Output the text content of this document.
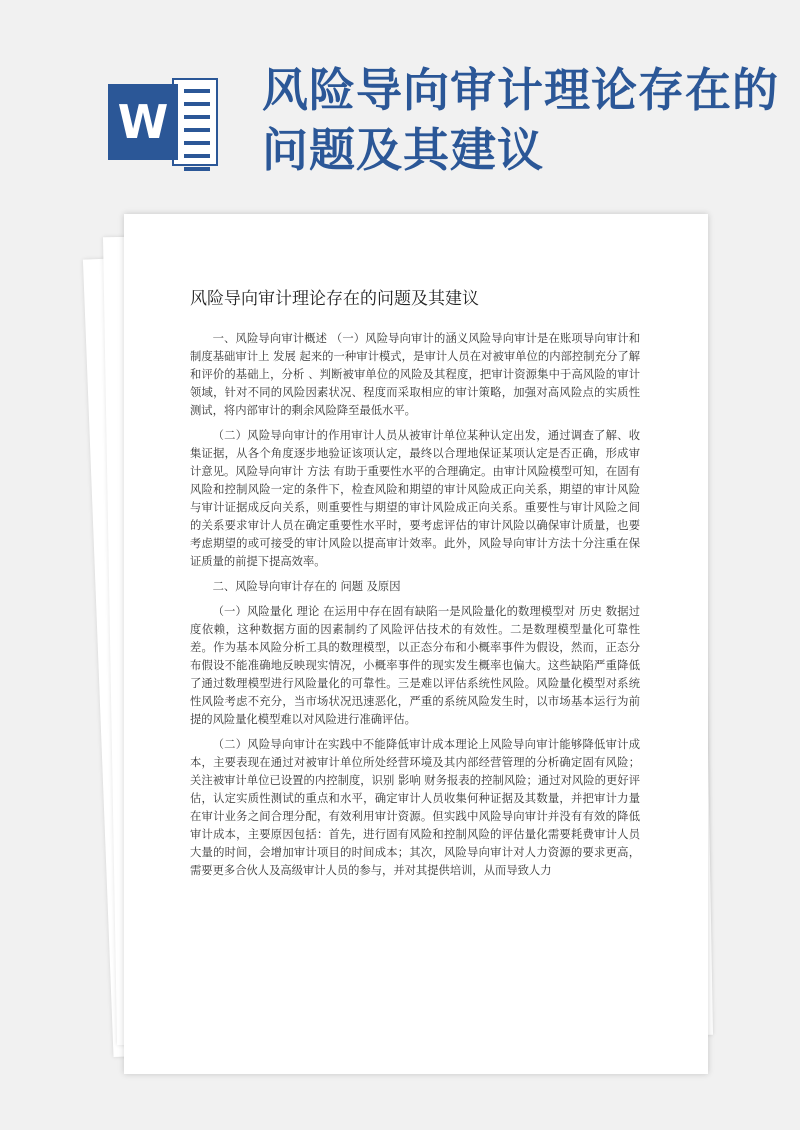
W
风险导向审计理论存在的问题及其建议
风险导向审计理论存在的问题及其建议

一、风险导向审计概述 （一）风险导向审计的涵义风险导向审计是在账项导向审计和制度基础审计上 发展 起来的一种审计模式，是审计人员在对被审单位的内部控制充分了解和评价的基础上，分析 、判断被审单位的风险及其程度，把审计资源集中于高风险的审计领域，针对不同的风险因素状况、程度而采取相应的审计策略，加强对高风险点的实质性测试，将内部审计的剩余风险降至最低水平。

（二）风险导向审计的作用审计人员从被审计单位某种认定出发，通过调查了解、收集证据，从各个角度逐步地验证该项认定，最终以合理地保证某项认定是否正确，形成审计意见。风险导向审计 方法 有助于重要性水平的合理确定。由审计风险模型可知，在固有风险和控制风险一定的条件下，检查风险和期望的审计风险成正向关系，期望的审计风险与审计证据成反向关系，则重要性与期望的审计风险成正向关系。重要性与审计风险之间的关系要求审计人员在确定重要性水平时，要考虑评估的审计风险以确保审计质量，也要考虑期望的或可接受的审计风险以提高审计效率。此外，风险导向审计方法十分注重在保证质量的前提下提高效率。

二、风险导向审计存在的 问题 及原因

（一）风险量化 理论 在运用中存在固有缺陷一是风险量化的数理模型对 历史 数据过度依赖，这种数据方面的因素制约了风险评估技术的有效性。二是数理模型量化可靠性差。作为基本风险分析工具的数理模型，以正态分布和小概率事件为假设，然而，正态分布假设不能准确地反映现实情况，小概率事件的现实发生概率也偏大。这些缺陷严重降低了通过数理模型进行风险量化的可靠性。三是难以评估系统性风险。风险量化模型对系统性风险考虑不充分，当市场状况迅速恶化，严重的系统风险发生时，以市场基本运行为前提的风险量化模型难以对风险进行准确评估。

（二）风险导向审计在实践中不能降低审计成本理论上风险导向审计能够降低审计成本，主要表现在通过对被审计单位所处经营环境及其内部经营管理的分析确定固有风险；关注被审计单位已设置的内控制度，识别 影响 财务报表的控制风险；通过对风险的更好评估，认定实质性测试的重点和水平，确定审计人员收集何种证据及其数量，并把审计力量在审计业务之间合理分配，有效利用审计资源。但实践中风险导向审计并没有有效的降低审计成本，主要原因包括：首先，进行固有风险和控制风险的评估量化需要耗费审计人员大量的时间，会增加审计项目的时间成本；其次，风险导向审计对人力资源的要求更高，需要更多合伙人及高级审计人员的参与，并对其提供培训，从而导致人力
